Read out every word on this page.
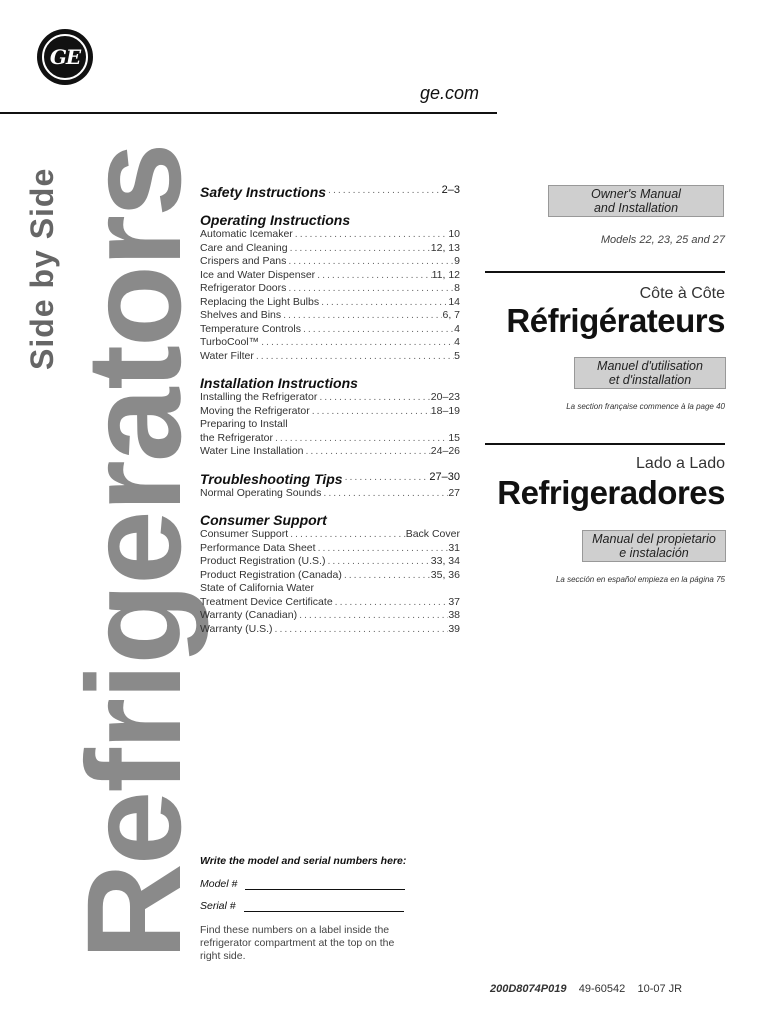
GE
ge.com
Side by Side Refrigerators
Safety Instructions .....	2–3
Operating Instructions
Automatic Icemaker .....	10
Care and Cleaning .....	12, 13
Crispers and Pans .....	9
Ice and Water Dispenser .....	11, 12
Refrigerator Doors .....	8
Replacing the Light Bulbs .....	14
Shelves and Bins .....	6, 7
Temperature Controls .....	4
TurboCool™ .....	4
Water Filter .....	5
Installation Instructions
Installing the Refrigerator .....	20–23
Moving the Refrigerator .....	18–19
Preparing to Install
the Refrigerator .....	15
Water Line Installation .....	24–26
Troubleshooting Tips .....	27–30
Normal Operating Sounds .....	27
Consumer Support
Consumer Support .....	Back Cover
Performance Data Sheet .....	31
Product Registration (U.S.) .....	33, 34
Product Registration (Canada) .....	35, 36
State of California Water
Treatment Device Certificate .....	37
Warranty (Canadian) .....	38
Warranty (U.S.) .....	39
Owner's Manual
and Installation
Models 22, 23, 25 and 27
Côte à Côte
Réfrigérateurs
Manuel d'utilisation
et d'installation
La section française commence à la page 40
Lado a Lado
Refrigeradores
Manual del propietario
e instalación
La sección en español empieza en la página 75
Write the model and serial numbers here:
Model #
Serial #
Find these numbers on a label inside the refrigerator compartment at the top on the right side.
200D8074P019 49-60542 10-07 JR
